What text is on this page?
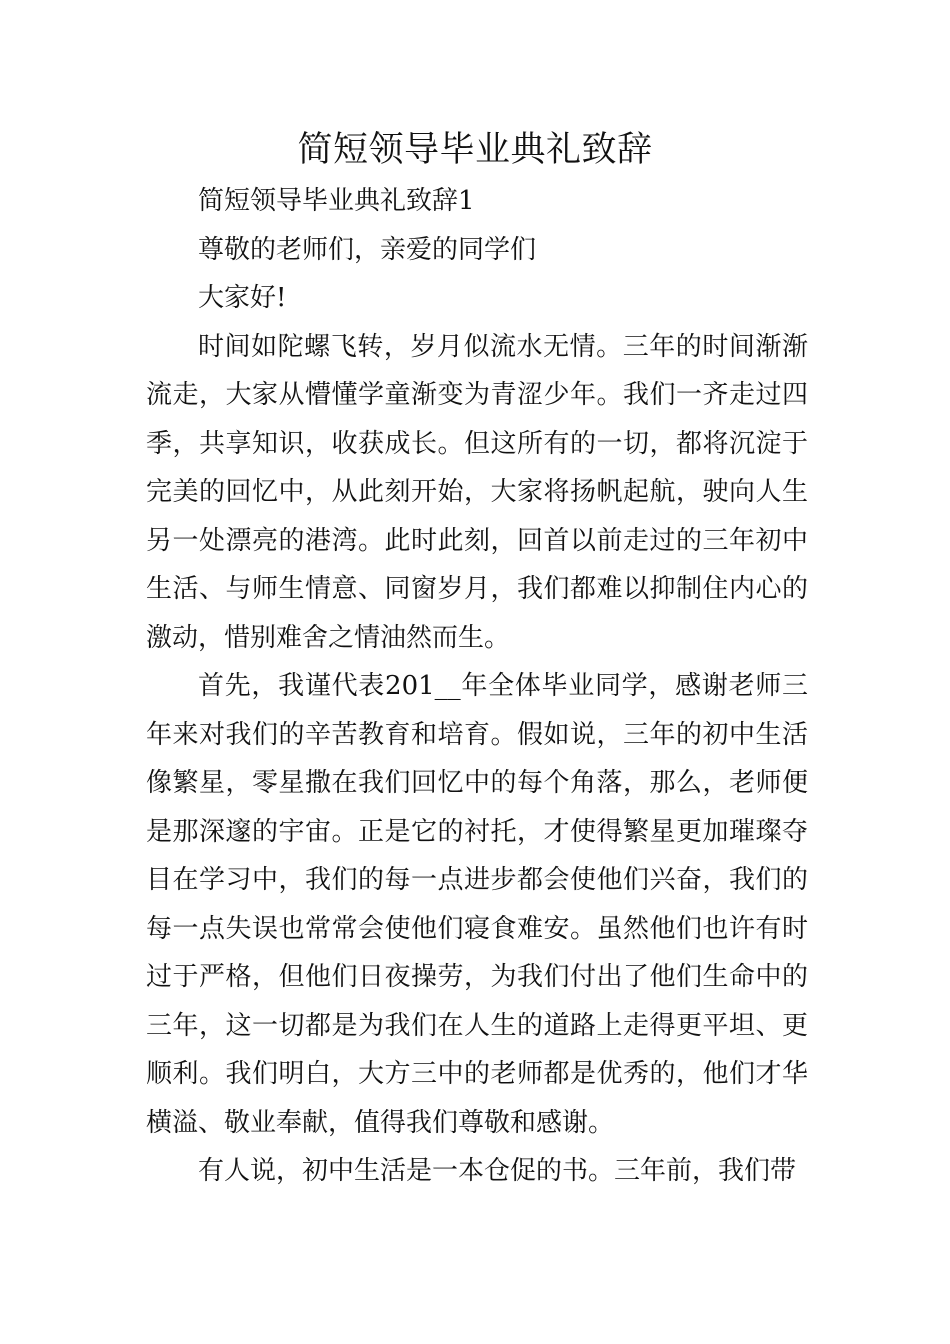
简短领导毕业典礼致辞

简短领导毕业典礼致辞1

尊敬的老师们，亲爱的同学们

大家好!

时间如陀螺飞转，岁月似流水无情。三年的时间渐渐流走，大家从懵懂学童渐变为青涩少年。我们一齐走过四季，共享知识，收获成长。但这所有的一切，都将沉淀于完美的回忆中，从此刻开始，大家将扬帆起航，驶向人生另一处漂亮的港湾。此时此刻，回首以前走过的三年初中生活、与师生情意、同窗岁月，我们都难以抑制住内心的激动，惜别难舍之情油然而生。

首先，我谨代表201__年全体毕业同学，感谢老师三年来对我们的辛苦教育和培育。假如说，三年的初中生活像繁星，零星撒在我们回忆中的每个角落，那么，老师便是那深邃的宇宙。正是它的衬托，才使得繁星更加璀璨夺目在学习中，我们的每一点进步都会使他们兴奋，我们的每一点失误也常常会使他们寝食难安。虽然他们也许有时过于严格，但他们日夜操劳，为我们付出了他们生命中的三年，这一切都是为我们在人生的道路上走得更平坦、更顺利。我们明白，大方三中的老师都是优秀的，他们才华横溢、敬业奉献，值得我们尊敬和感谢。

有人说，初中生活是一本仓促的书。三年前，我们带
